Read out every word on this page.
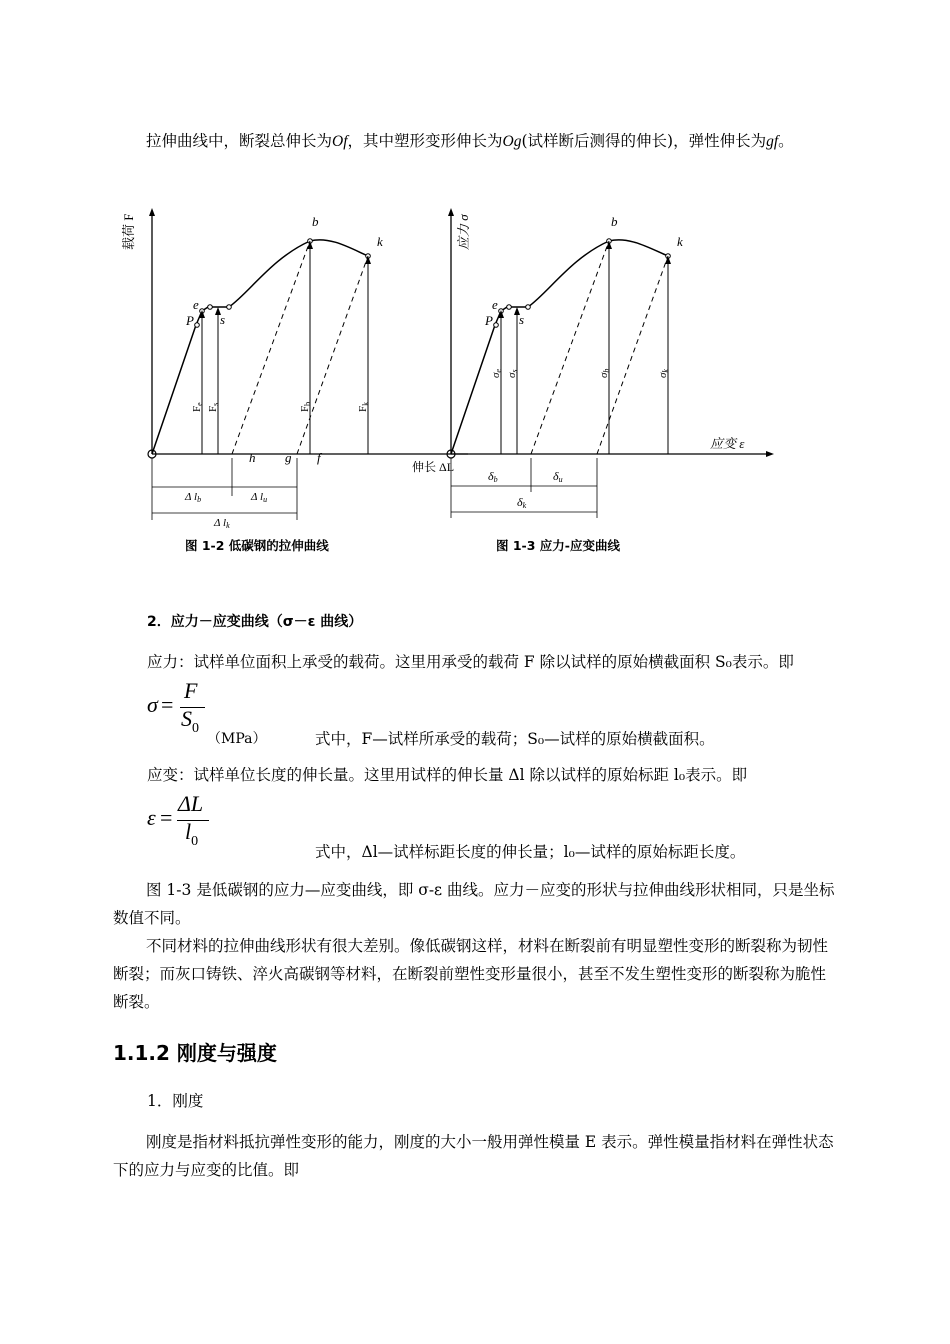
拉伸曲线中，断裂总伸长为Of，其中塑形变形伸长为Og(试样断后测得的伸长)，弹性伸长为gf。
载荷 F	b
k
e
P s
Fe
Fs
Fb
Fk
h g f
Δ lb	Δ lu
Δ lk
伸长 ΔL
应力 σ
应变 ε
b
k
e
P s
σe
σs
σb
σk
δb	δu
δk
图 1-2 低碳钢的拉伸曲线	图 1-3 应力-应变曲线
2．应力－应变曲线（σ－ε 曲线）
应力：试样单位面积上承受的载荷。这里用承受的载荷 F 除以试样的原始横截面积 S₀表示。即
σ =
F
$S_0$
（MPa）	式中，F—试样所承受的载荷；S₀—试样的原始横截面积。
应变：试样单位长度的伸长量。这里用试样的伸长量 Δl 除以试样的原始标距 l₀表示。即
ε =
ΔL
$l_0$
式中，Δl—试样标距长度的伸长量；l₀—试样的原始标距长度。
图 1-3 是低碳钢的应力—应变曲线，即 σ-ε 曲线。应力－应变的形状与拉伸曲线形状相同，只是坐标数值不同。
不同材料的拉伸曲线形状有很大差别。像低碳钢这样，材料在断裂前有明显塑性变形的断裂称为韧性断裂；而灰口铸铁、淬火高碳钢等材料，在断裂前塑性变形量很小，甚至不发生塑性变形的断裂称为脆性断裂。
1.1.2 刚度与强度
1．刚度
刚度是指材料抵抗弹性变形的能力，刚度的大小一般用弹性模量 E 表示。弹性模量指材料在弹性状态下的应力与应变的比值。即
